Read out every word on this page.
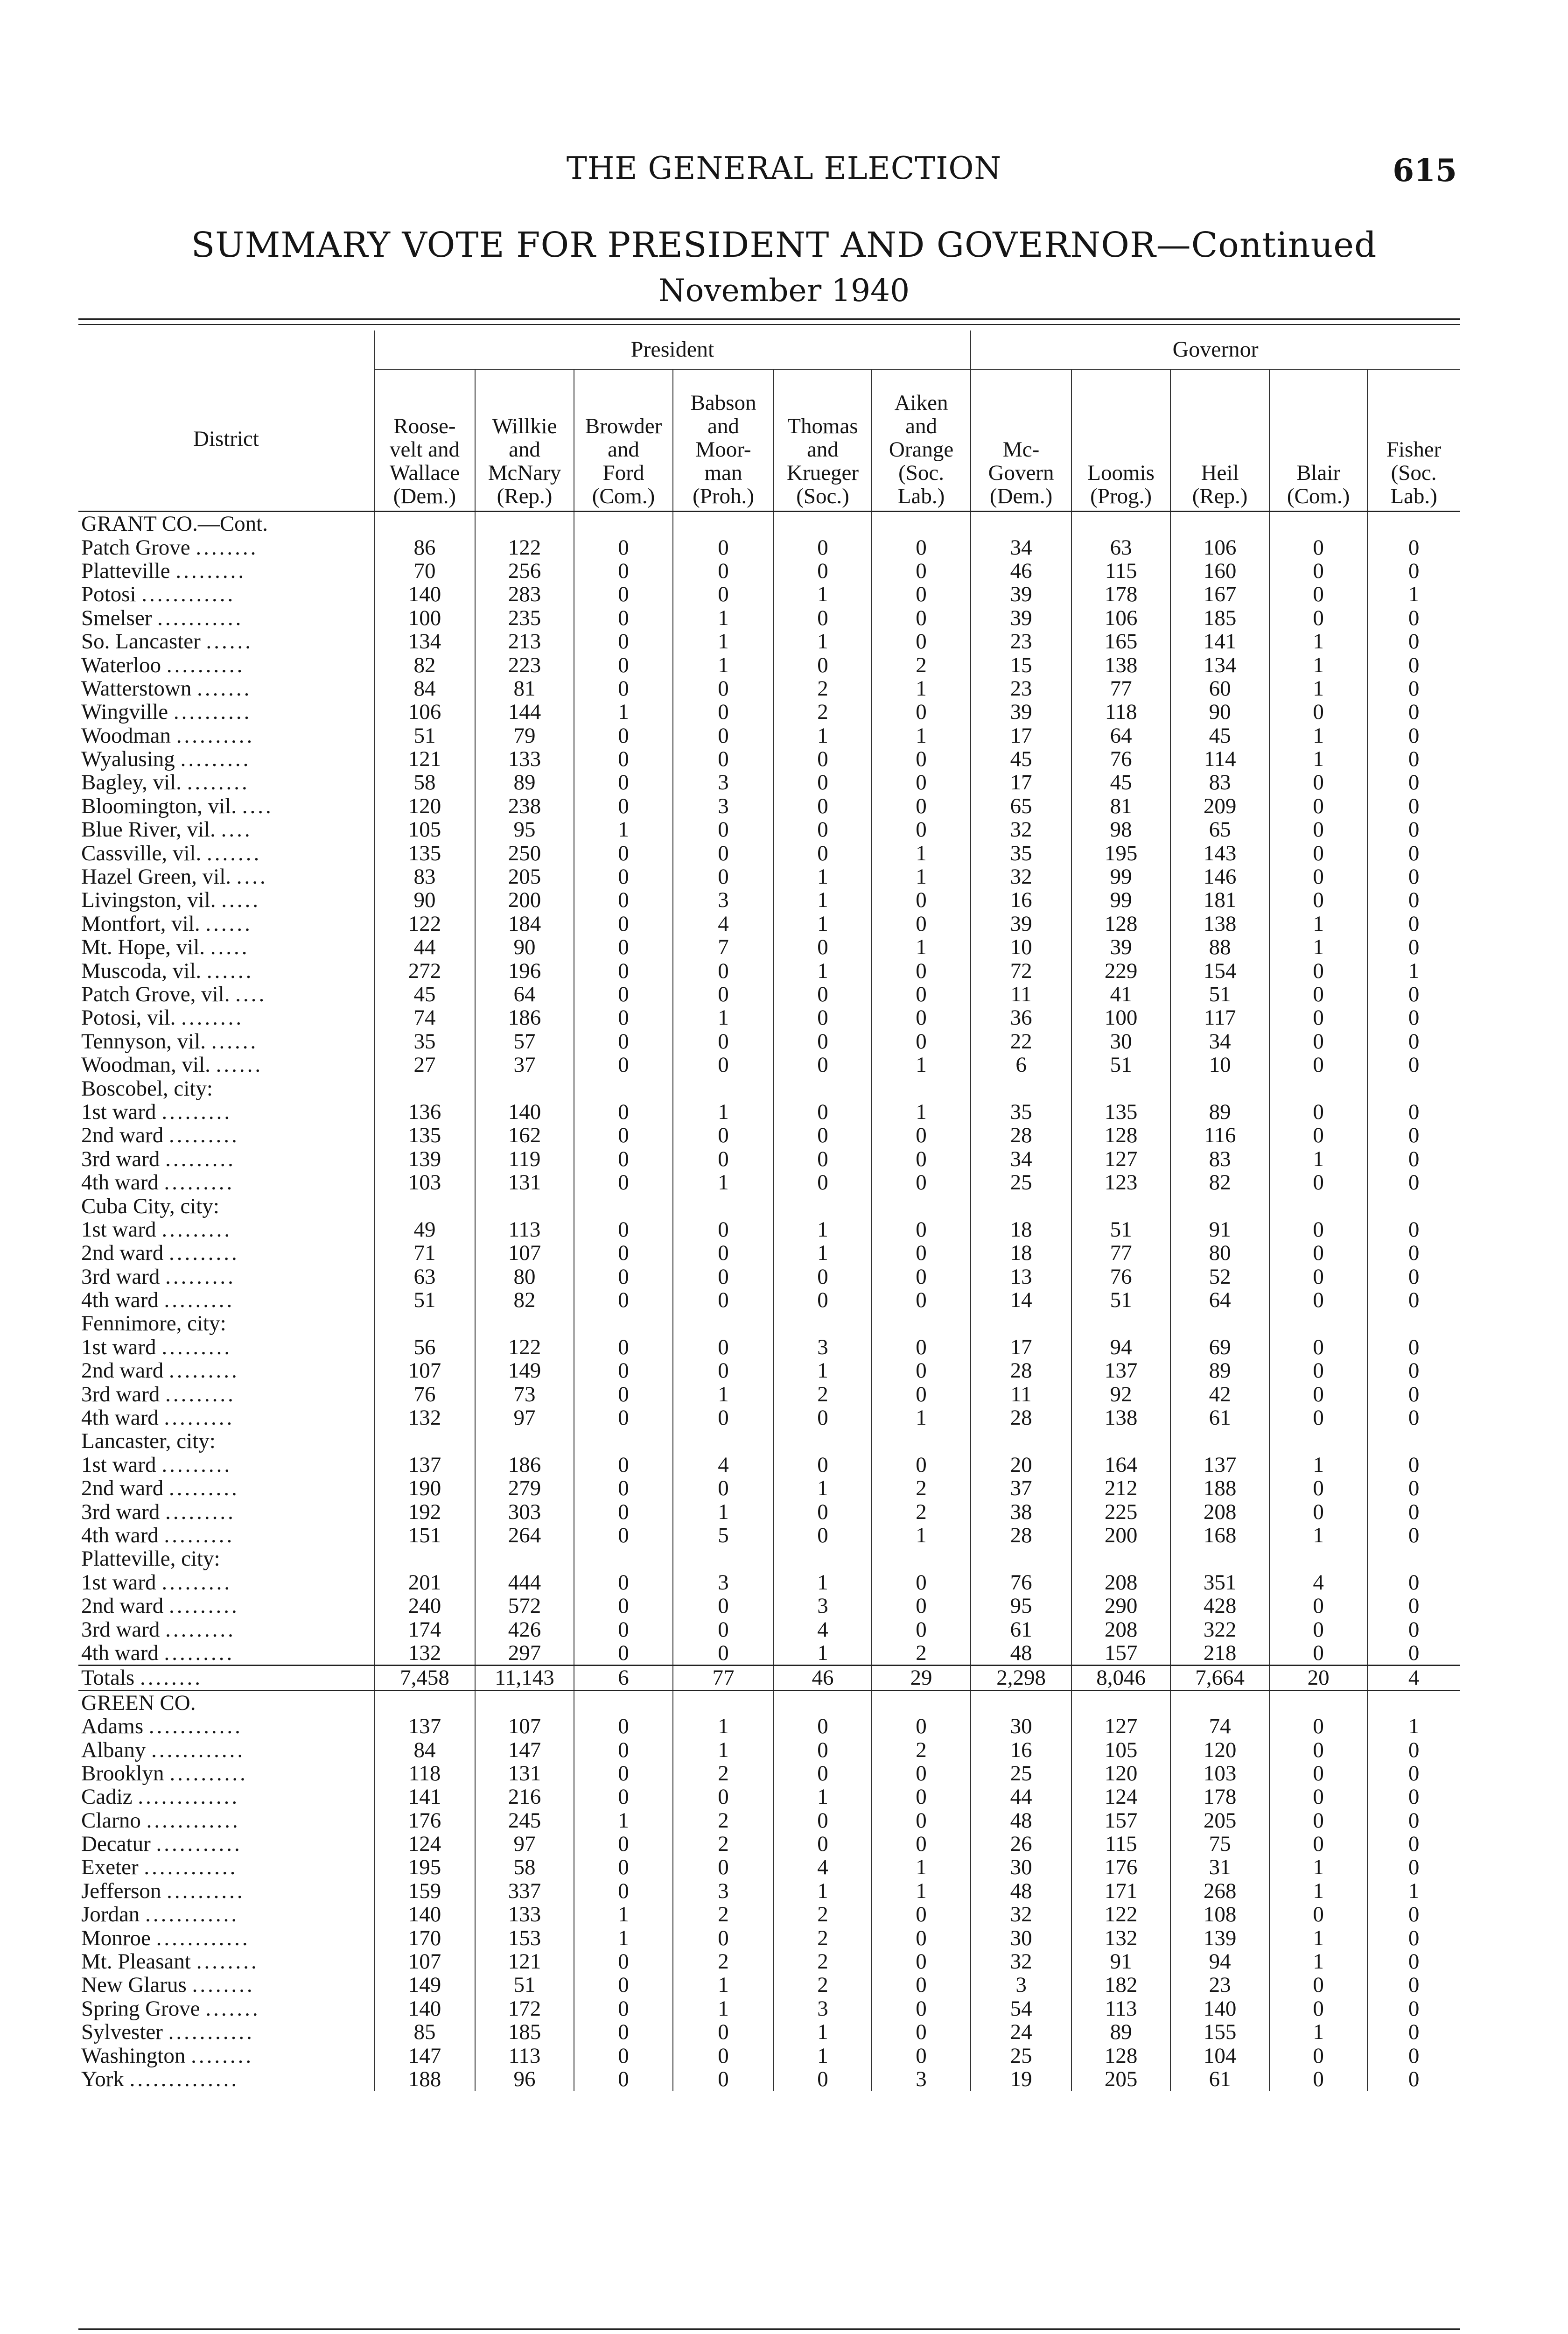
THE GENERAL ELECTION	615
SUMMARY VOTE FOR PRESIDENT AND GOVERNOR—Continued
November 1940
	President						Governor				
District	Roose-
velt and
Wallace
(Dem.)	Willkie
and
McNary
(Rep.)	Browder
and
Ford
(Com.)	Babson
and
Moor-
man
(Proh.)	Thomas
and
Krueger
(Soc.)	Aiken
and
Orange
(Soc.
Lab.)	Mc-
Govern
(Dem.)	Loomis
(Prog.)	Heil
(Rep.)	Blair
(Com.)	Fisher
(Soc.
Lab.)
GRANT CO.—Cont.											
Patch Grove ........	86	122	0	0	0	0	34	63	106	0	0
Platteville .........	70	256	0	0	0	0	46	115	160	0	0
Potosi ............	140	283	0	0	1	0	39	178	167	0	1
Smelser ...........	100	235	0	1	0	0	39	106	185	0	0
So. Lancaster ......	134	213	0	1	1	0	23	165	141	1	0
Waterloo ..........	82	223	0	1	0	2	15	138	134	1	0
Watterstown .......	84	81	0	0	2	1	23	77	60	1	0
Wingville ..........	106	144	1	0	2	0	39	118	90	0	0
Woodman ..........	51	79	0	0	1	1	17	64	45	1	0
Wyalusing .........	121	133	0	0	0	0	45	76	114	1	0
Bagley, vil. ........	58	89	0	3	0	0	17	45	83	0	0
Bloomington, vil. ....	120	238	0	3	0	0	65	81	209	0	0
Blue River, vil. ....	105	95	1	0	0	0	32	98	65	0	0
Cassville, vil. .......	135	250	0	0	0	1	35	195	143	0	0
Hazel Green, vil. ....	83	205	0	0	1	1	32	99	146	0	0
Livingston, vil. .....	90	200	0	3	1	0	16	99	181	0	0
Montfort, vil. ......	122	184	0	4	1	0	39	128	138	1	0
Mt. Hope, vil. .....	44	90	0	7	0	1	10	39	88	1	0
Muscoda, vil. ......	272	196	0	0	1	0	72	229	154	0	1
Patch Grove, vil. ....	45	64	0	0	0	0	11	41	51	0	0
Potosi, vil. ........	74	186	0	1	0	0	36	100	117	0	0
Tennyson, vil. ......	35	57	0	0	0	0	22	30	34	0	0
Woodman, vil. ......	27	37	0	0	0	1	6	51	10	0	0
Boscobel, city:											
1st ward .........	136	140	0	1	0	1	35	135	89	0	0
2nd ward .........	135	162	0	0	0	0	28	128	116	0	0
3rd ward .........	139	119	0	0	0	0	34	127	83	1	0
4th ward .........	103	131	0	1	0	0	25	123	82	0	0
Cuba City, city:											
1st ward .........	49	113	0	0	1	0	18	51	91	0	0
2nd ward .........	71	107	0	0	1	0	18	77	80	0	0
3rd ward .........	63	80	0	0	0	0	13	76	52	0	0
4th ward .........	51	82	0	0	0	0	14	51	64	0	0
Fennimore, city:											
1st ward .........	56	122	0	0	3	0	17	94	69	0	0
2nd ward .........	107	149	0	0	1	0	28	137	89	0	0
3rd ward .........	76	73	0	1	2	0	11	92	42	0	0
4th ward .........	132	97	0	0	0	1	28	138	61	0	0
Lancaster, city:											
1st ward .........	137	186	0	4	0	0	20	164	137	1	0
2nd ward .........	190	279	0	0	1	2	37	212	188	0	0
3rd ward .........	192	303	0	1	0	2	38	225	208	0	0
4th ward .........	151	264	0	5	0	1	28	200	168	1	0
Platteville, city:											
1st ward .........	201	444	0	3	1	0	76	208	351	4	0
2nd ward .........	240	572	0	0	3	0	95	290	428	0	0
3rd ward .........	174	426	0	0	4	0	61	208	322	0	0
4th ward .........	132	297	0	0	1	2	48	157	218	0	0
Totals ........	7,458	11,143	6	77	46	29	2,298	8,046	7,664	20	4
GREEN CO.											
Adams ............	137	107	0	1	0	0	30	127	74	0	1
Albany ............	84	147	0	1	0	2	16	105	120	0	0
Brooklyn ..........	118	131	0	2	0	0	25	120	103	0	0
Cadiz .............	141	216	0	0	1	0	44	124	178	0	0
Clarno ............	176	245	1	2	0	0	48	157	205	0	0
Decatur ...........	124	97	0	2	0	0	26	115	75	0	0
Exeter ............	195	58	0	0	4	1	30	176	31	1	0
Jefferson ..........	159	337	0	3	1	1	48	171	268	1	1
Jordan ............	140	133	1	2	2	0	32	122	108	0	0
Monroe ............	170	153	1	0	2	0	30	132	139	1	0
Mt. Pleasant ........	107	121	0	2	2	0	32	91	94	1	0
New Glarus ........	149	51	0	1	2	0	3	182	23	0	0
Spring Grove .......	140	172	0	1	3	0	54	113	140	0	0
Sylvester ...........	85	185	0	0	1	0	24	89	155	1	0
Washington ........	147	113	0	0	1	0	25	128	104	0	0
York ..............	188	96	0	0	0	3	19	205	61	0	0
